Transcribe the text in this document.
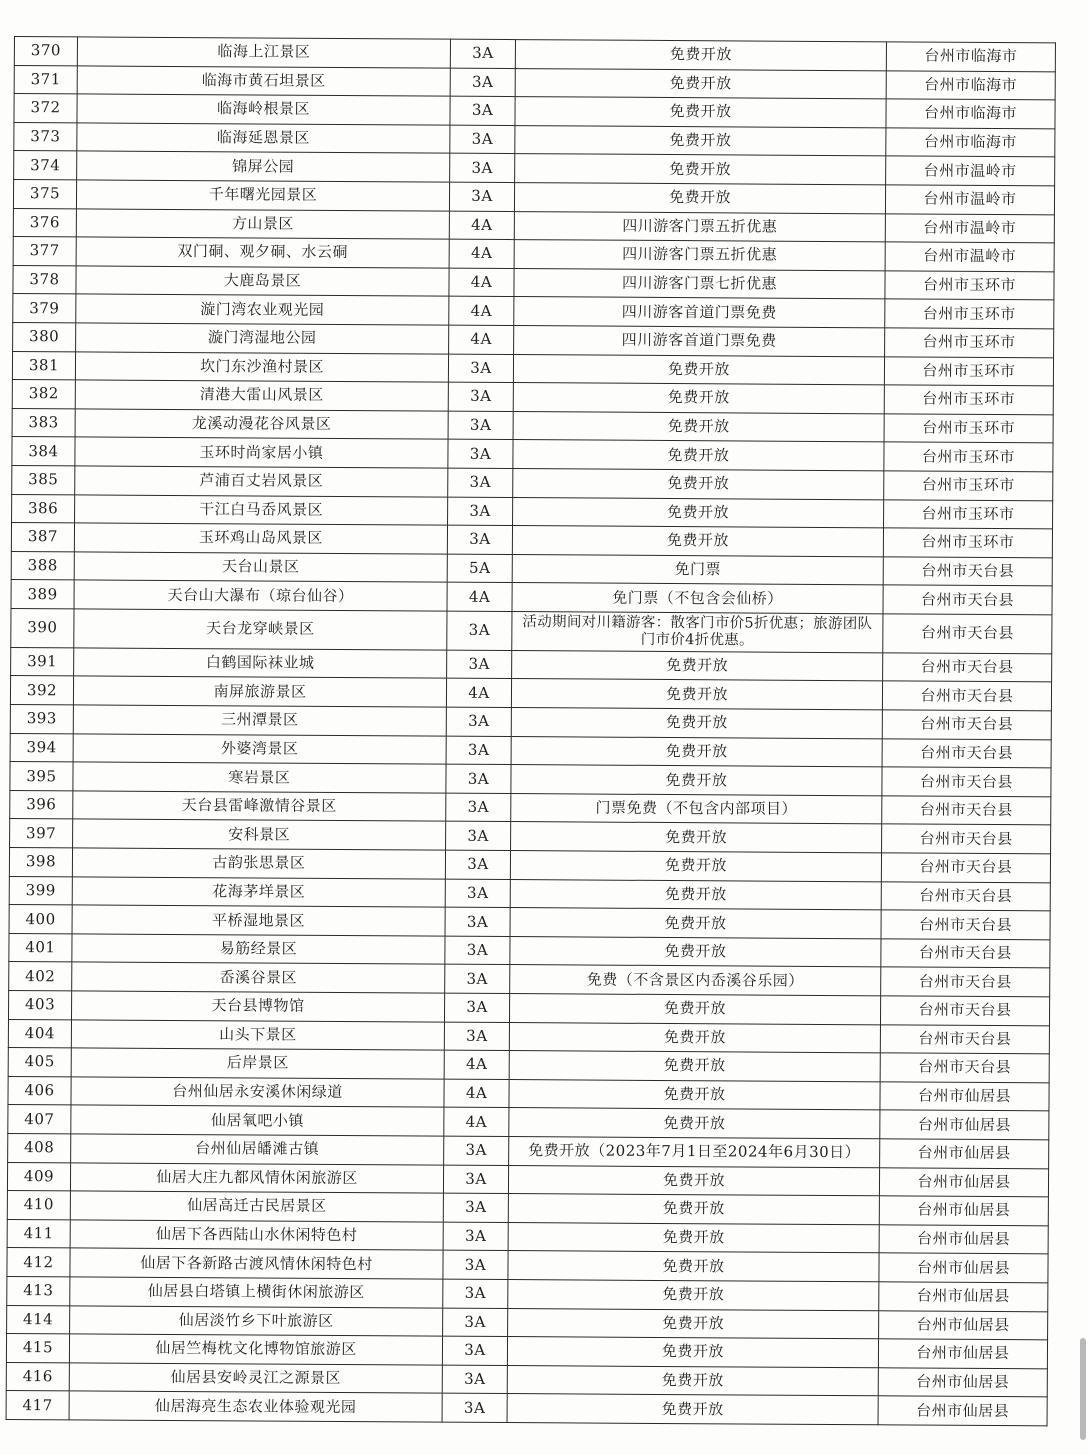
370	临海上江景区	3A	免费开放	台州市临海市
371	临海市黄石坦景区	3A	免费开放	台州市临海市
372	临海岭根景区	3A	免费开放	台州市临海市
373	临海延恩景区	3A	免费开放	台州市临海市
374	锦屏公园	3A	免费开放	台州市温岭市
375	千年曙光园景区	3A	免费开放	台州市温岭市
376	方山景区	4A	四川游客门票五折优惠	台州市温岭市
377	双门硐、观夕硐、水云硐	4A	四川游客门票五折优惠	台州市温岭市
378	大鹿岛景区	4A	四川游客门票七折优惠	台州市玉环市
379	漩门湾农业观光园	4A	四川游客首道门票免费	台州市玉环市
380	漩门湾湿地公园	4A	四川游客首道门票免费	台州市玉环市
381	坎门东沙渔村景区	3A	免费开放	台州市玉环市
382	清港大雷山风景区	3A	免费开放	台州市玉环市
383	龙溪动漫花谷风景区	3A	免费开放	台州市玉环市
384	玉环时尚家居小镇	3A	免费开放	台州市玉环市
385	芦浦百丈岩风景区	3A	免费开放	台州市玉环市
386	干江白马岙风景区	3A	免费开放	台州市玉环市
387	玉环鸡山岛风景区	3A	免费开放	台州市玉环市
388	天台山景区	5A	免门票	台州市天台县
389	天台山大瀑布（琼台仙谷）	4A	免门票（不包含会仙桥）	台州市天台县
390	天台龙穿峡景区	3A	活动期间对川籍游客：散客门市价5折优惠；旅游团队门市价4折优惠。	台州市天台县
391	白鹤国际袜业城	3A	免费开放	台州市天台县
392	南屏旅游景区	4A	免费开放	台州市天台县
393	三州潭景区	3A	免费开放	台州市天台县
394	外婆湾景区	3A	免费开放	台州市天台县
395	寒岩景区	3A	免费开放	台州市天台县
396	天台县雷峰激情谷景区	3A	门票免费（不包含内部项目）	台州市天台县
397	安科景区	3A	免费开放	台州市天台县
398	古韵张思景区	3A	免费开放	台州市天台县
399	花海茅垟景区	3A	免费开放	台州市天台县
400	平桥湿地景区	3A	免费开放	台州市天台县
401	易筋经景区	3A	免费开放	台州市天台县
402	岙溪谷景区	3A	免费（不含景区内岙溪谷乐园）	台州市天台县
403	天台县博物馆	3A	免费开放	台州市天台县
404	山头下景区	3A	免费开放	台州市天台县
405	后岸景区	4A	免费开放	台州市天台县
406	台州仙居永安溪休闲绿道	4A	免费开放	台州市仙居县
407	仙居氧吧小镇	4A	免费开放	台州市仙居县
408	台州仙居皤滩古镇	3A	免费开放（2023年7月1日至2024年6月30日）	台州市仙居县
409	仙居大庄九都风情休闲旅游区	3A	免费开放	台州市仙居县
410	仙居高迁古民居景区	3A	免费开放	台州市仙居县
411	仙居下各西陆山水休闲特色村	3A	免费开放	台州市仙居县
412	仙居下各新路古渡风情休闲特色村	3A	免费开放	台州市仙居县
413	仙居县白塔镇上横街休闲旅游区	3A	免费开放	台州市仙居县
414	仙居淡竹乡下叶旅游区	3A	免费开放	台州市仙居县
415	仙居竺梅枕文化博物馆旅游区	3A	免费开放	台州市仙居县
416	仙居县安岭灵江之源景区	3A	免费开放	台州市仙居县
417	仙居海亮生态农业体验观光园	3A	免费开放	台州市仙居县
